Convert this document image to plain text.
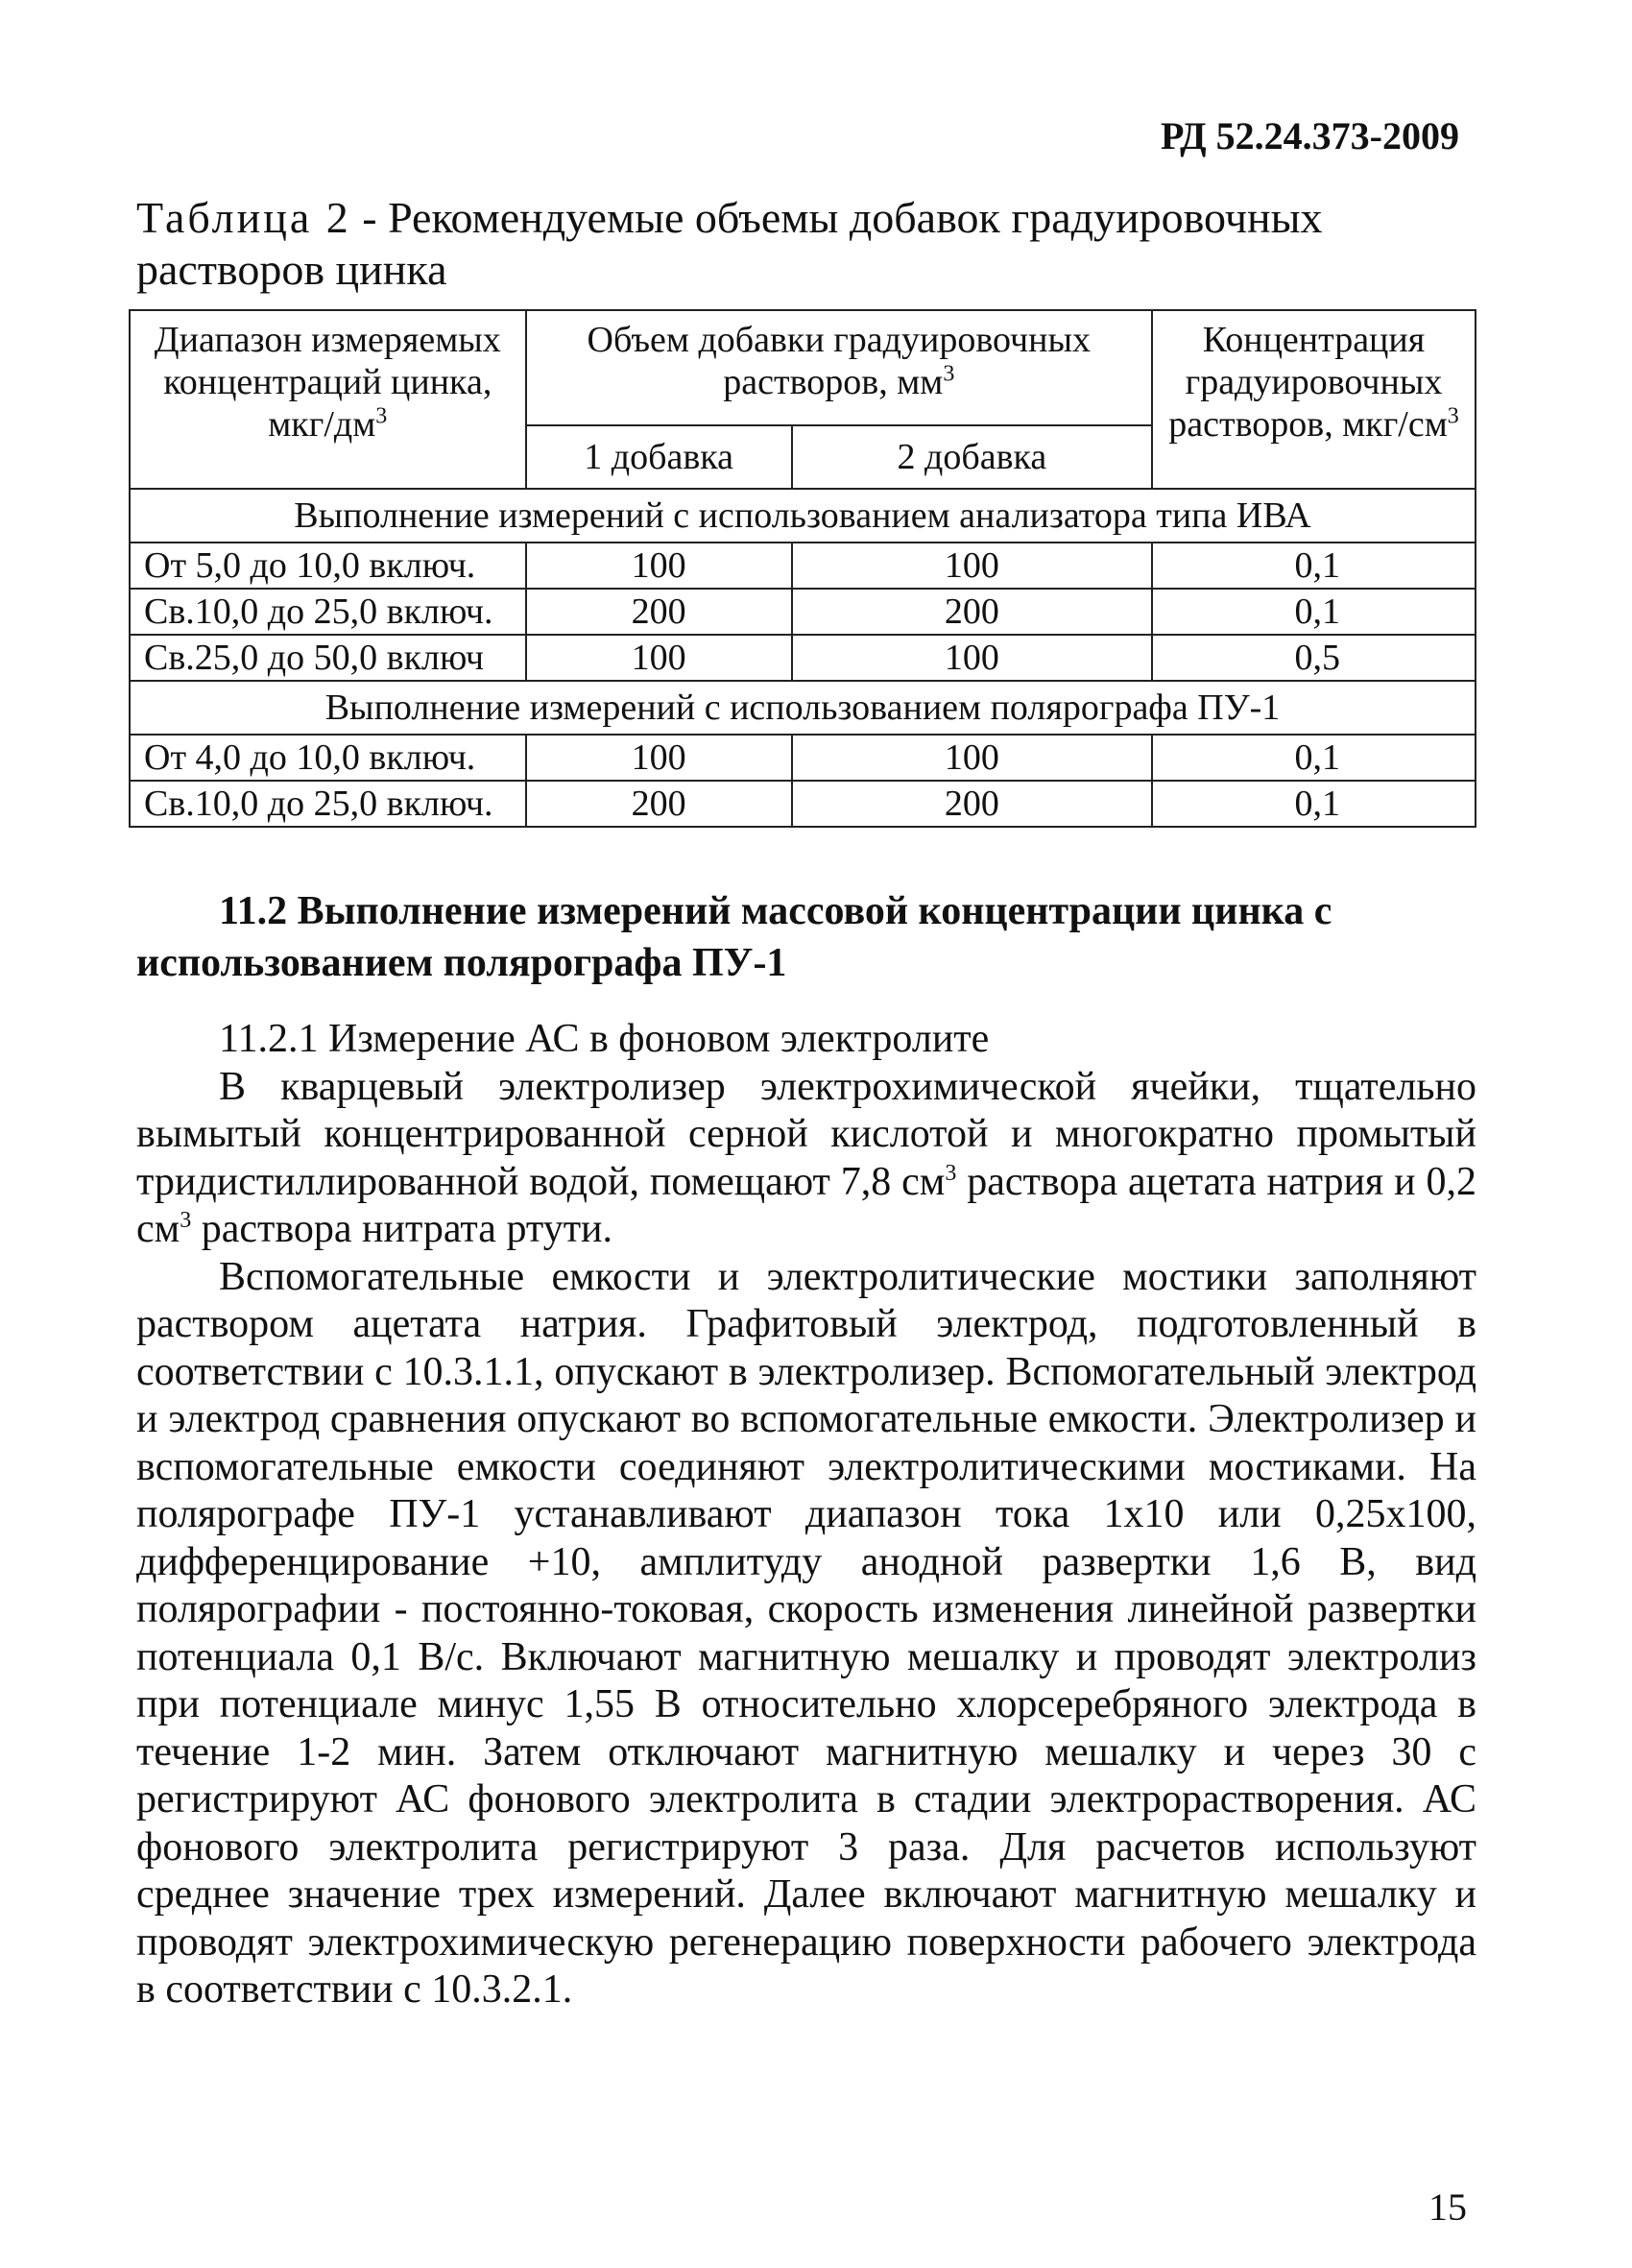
РД 52.24.373-2009
Таблица 2 - Рекомендуемые объемы добавок градуировочных растворов цинка
Диапазон измеряемых концентраций цинка, мкг/$дм^3$	Объем добавки градуировочных растворов, $мм^3$		Концентрация градуировочных растворов, мкг/$см^3$
	1 добавка	2 добавка	
Выполнение измерений с использованием анализатора типа ИВА			
От 5,0 до 10,0 включ.	100	100	0,1
Св.10,0 до 25,0 включ.	200	200	0,1
Св.25,0 до 50,0 включ	100	100	0,5
Выполнение измерений с использованием полярографа ПУ-1			
От 4,0 до 10,0 включ.	100	100	0,1
Св.10,0 до 25,0 включ.	200	200	0,1
11.2 Выполнение измерений массовой концентрации цинка с использованием полярографа ПУ-1

11.2.1 Измерение АС в фоновом электролите

В кварцевый электролизер электрохимической ячейки, тщательно вымытый концентрированной серной кислотой и многократно промытый тридистиллированной водой, помещают 7,8 $см^3$ раствора ацетата натрия и 0,2 $см^3$ раствора нитрата ртути.

Вспомогательные емкости и электролитические мостики заполняют раствором ацетата натрия. Графитовый электрод, подготовленный в соответствии с 10.3.1.1, опускают в электролизер. Вспомогательный электрод и электрод сравнения опускают во вспомогательные емкости. Электролизер и вспомогательные емкости соединяют электролитическими мостиками. На полярографе ПУ-1 устанавливают диапазон тока 1х10 или 0,25х100, дифференцирование +10, амплитуду анодной развертки 1,6 В, вид полярографии - постоянно-токовая, скорость изменения линейной развертки потенциала 0,1 В/с. Включают магнитную мешалку и проводят электролиз при потенциале минус 1,55 В относительно хлорсеребряного электрода в течение 1-2 мин. Затем отключают магнитную мешалку и через 30 с регистрируют АС фонового электролита в стадии электрорастворения. АС фонового электролита регистрируют 3 раза. Для расчетов используют среднее значение трех измерений. Далее включают магнитную мешалку и проводят электрохимическую регенерацию поверхности рабочего электрода в соответствии с 10.3.2.1.

15
